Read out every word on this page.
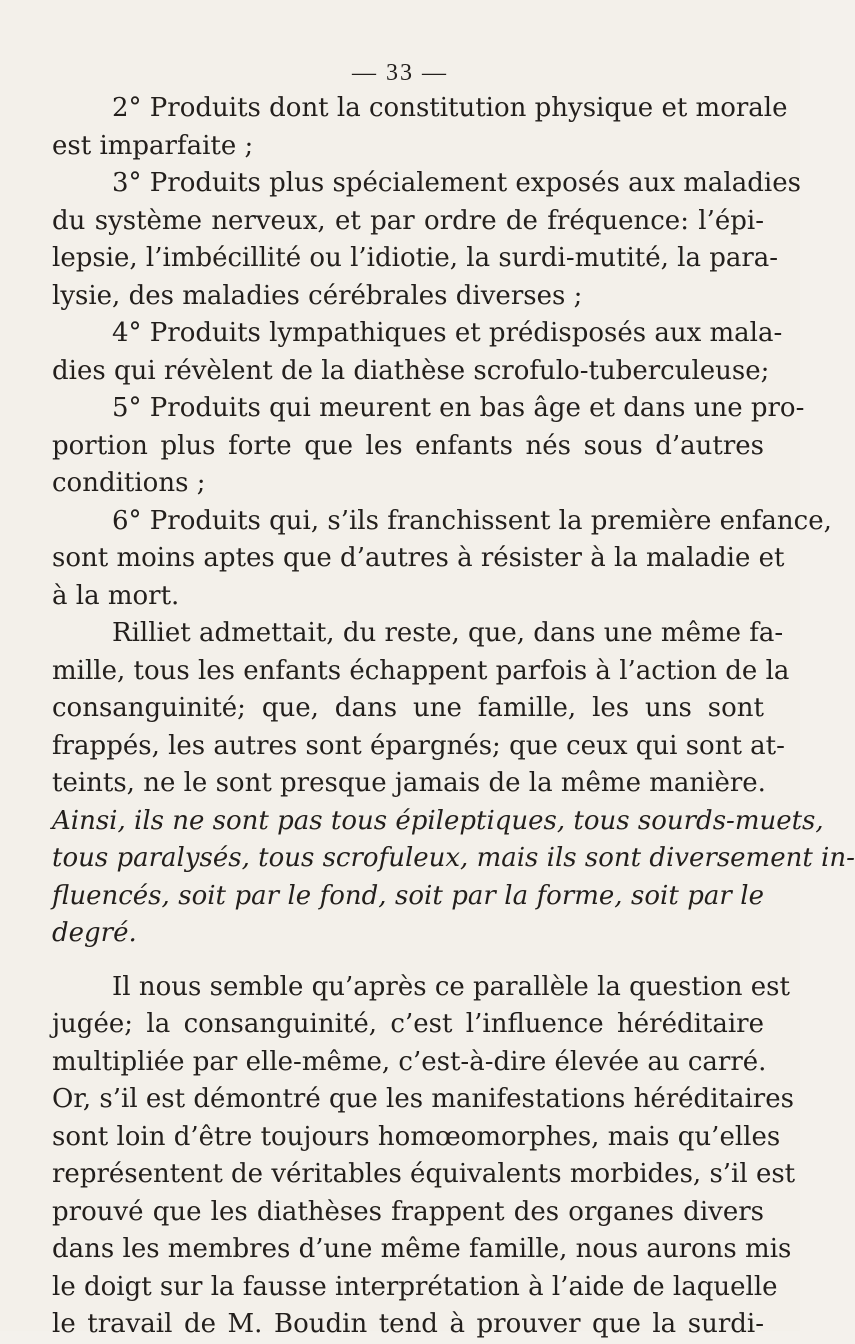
— 33 —
2° Produits dont la constitution physique et morale
est imparfaite ;
3° Produits plus spécialement exposés aux maladies
du système nerveux, et par ordre de fréquence: l’épi-
lepsie, l’imbécillité ou l’idiotie, la surdi-mutité, la para-
lysie, des maladies cérébrales diverses ;
4° Produits lympathiques et prédisposés aux mala-
dies qui révèlent de la diathèse scrofulo-tuberculeuse;
5° Produits qui meurent en bas âge et dans une pro-
portion plus forte que les enfants nés sous d’autres
conditions ;
6° Produits qui, s’ils franchissent la première enfance,
sont moins aptes que d’autres à résister à la maladie et
à la mort.
Rilliet admettait, du reste, que, dans une même fa-
mille, tous les enfants échappent parfois à l’action de la
consanguinité; que, dans une famille, les uns sont
frappés, les autres sont épargnés; que ceux qui sont at-
teints, ne le sont presque jamais de la même manière.
Ainsi, ils ne sont pas tous épileptiques, tous sourds-muets,
tous paralysés, tous scrofuleux, mais ils sont diversement in-
fluencés, soit par le fond, soit par la forme, soit par le
degré.
Il nous semble qu’après ce parallèle la question est
jugée; la consanguinité, c’est l’influence héréditaire
multipliée par elle-même, c’est-à-dire élevée au carré.
Or, s’il est démontré que les manifestations héréditaires
sont loin d’être toujours homœomorphes, mais qu’elles
représentent de véritables équivalents morbides, s’il est
prouvé que les diathèses frappent des organes divers
dans les membres d’une même famille, nous aurons mis
le doigt sur la fausse interprétation à l’aide de laquelle
le travail de M. Boudin tend à prouver que la surdi-
